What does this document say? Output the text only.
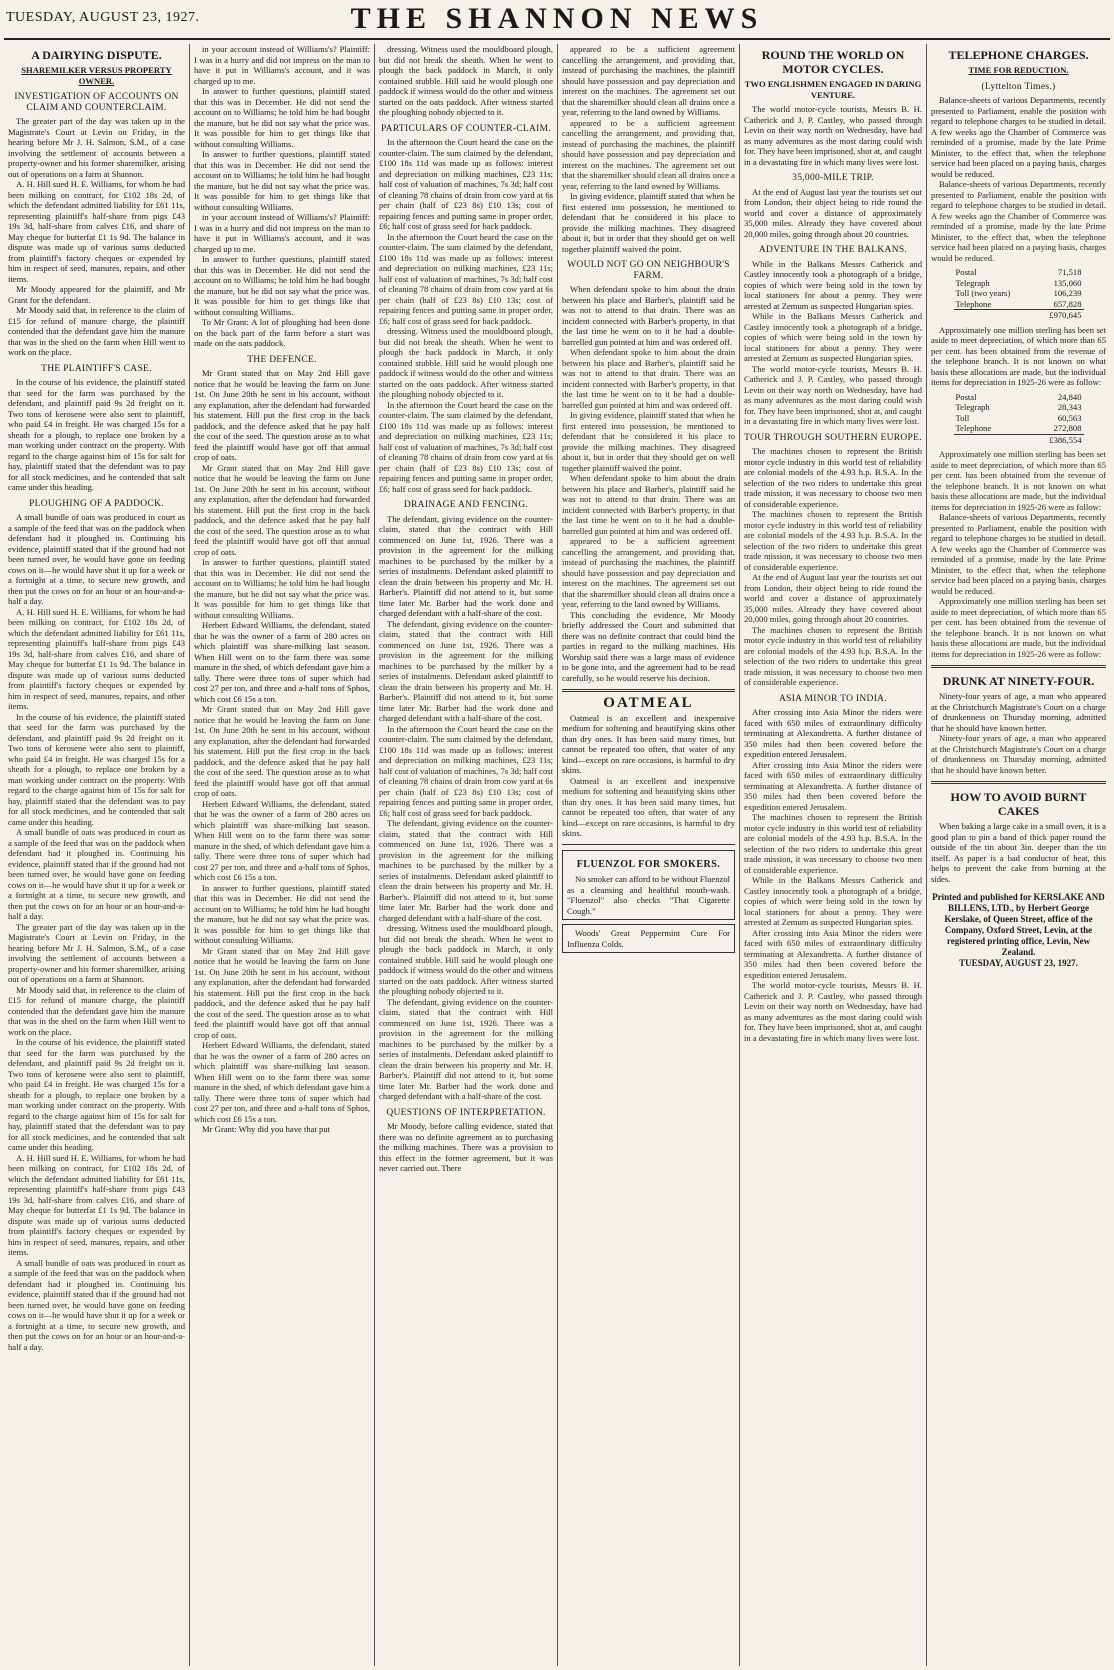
TUESDAY, AUGUST 23, 1927.	THE SHANNON NEWS
A DAIRYING DISPUTE.
SHAREMILKER VERSUS PROPERTY OWNER.
INVESTIGATION OF ACCOUNTS ON CLAIM AND COUNTERCLAIM.

The greater part of the day was taken up in the Magistrate's Court at Levin on Friday, in the hearing before Mr J. H. Salmon, S.M., of a case involving the settlement of accounts between a property-owner and his former sharemilker, arising out of operations on a farm at Shannon.

A. H. Hill sued H. E. Williams, for whom he had been milking on contract, for £102 18s 2d, of which the defendant admitted liability for £61 11s, representing plaintiff's half-share from pigs £43 19s 3d, half-share from calves £16, and share of May cheque for butterfat £1 1s 9d. The balance in dispute was made up of various sums deducted from plaintiff's factory cheques or expended by him in respect of seed, manures, repairs, and other items.

Mr Moody appeared for the plaintiff, and Mr Grant for the defendant.

Mr Moody said that, in reference to the claim of £15 for refund of manure charge, the plaintiff contended that the defendant gave him the manure that was in the shed on the farm when Hill went to work on the place.

THE PLAINTIFF'S CASE.

In the course of his evidence, the plaintiff stated that seed for the farm was purchased by the defendant, and plaintiff paid 9s 2d freight on it. Two tons of kerosene were also sent to plaintiff, who paid £4 in freight. He was charged 15s for a sheath for a plough, to replace one broken by a man working under contract on the property. With regard to the charge against him of 15s for salt for hay, plaintiff stated that the defendant was to pay for all stock medicines, and he contended that salt came under this heading.

PLOUGHING OF A PADDOCK.

A small bundle of oats was produced in court as a sample of the feed that was on the paddock when defendant had it ploughed in. Continuing his evidence, plaintiff stated that if the ground had not been turned over, he would have gone on feeding cows on it—he would have shut it up for a week or a fortnight at a time, to secure new growth, and then put the cows on for an hour or an hour-and-a-half a day.

A. H. Hill sued H. E. Williams, for whom he had been milking on contract, for £102 18s 2d, of which the defendant admitted liability for £61 11s, representing plaintiff's half-share from pigs £43 19s 3d, half-share from calves £16, and share of May cheque for butterfat £1 1s 9d. The balance in dispute was made up of various sums deducted from plaintiff's factory cheques or expended by him in respect of seed, manures, repairs, and other items.

In the course of his evidence, the plaintiff stated that seed for the farm was purchased by the defendant, and plaintiff paid 9s 2d freight on it. Two tons of kerosene were also sent to plaintiff, who paid £4 in freight. He was charged 15s for a sheath for a plough, to replace one broken by a man working under contract on the property. With regard to the charge against him of 15s for salt for hay, plaintiff stated that the defendant was to pay for all stock medicines, and he contended that salt came under this heading.

A small bundle of oats was produced in court as a sample of the feed that was on the paddock when defendant had it ploughed in. Continuing his evidence, plaintiff stated that if the ground had not been turned over, he would have gone on feeding cows on it—he would have shut it up for a week or a fortnight at a time, to secure new growth, and then put the cows on for an hour or an hour-and-a-half a day.

The greater part of the day was taken up in the Magistrate's Court at Levin on Friday, in the hearing before Mr J. H. Salmon, S.M., of a case involving the settlement of accounts between a property-owner and his former sharemilker, arising out of operations on a farm at Shannon.

Mr Moody said that, in reference to the claim of £15 for refund of manure charge, the plaintiff contended that the defendant gave him the manure that was in the shed on the farm when Hill went to work on the place.

In the course of his evidence, the plaintiff stated that seed for the farm was purchased by the defendant, and plaintiff paid 9s 2d freight on it. Two tons of kerosene were also sent to plaintiff, who paid £4 in freight. He was charged 15s for a sheath for a plough, to replace one broken by a man working under contract on the property. With regard to the charge against him of 15s for salt for hay, plaintiff stated that the defendant was to pay for all stock medicines, and he contended that salt came under this heading.

A. H. Hill sued H. E. Williams, for whom he had been milking on contract, for £102 18s 2d, of which the defendant admitted liability for £61 11s, representing plaintiff's half-share from pigs £43 19s 3d, half-share from calves £16, and share of May cheque for butterfat £1 1s 9d. The balance in dispute was made up of various sums deducted from plaintiff's factory cheques or expended by him in respect of seed, manures, repairs, and other items.

A small bundle of oats was produced in court as a sample of the feed that was on the paddock when defendant had it ploughed in. Continuing his evidence, plaintiff stated that if the ground had not been turned over, he would have gone on feeding cows on it—he would have shut it up for a week or a fortnight at a time, to secure new growth, and then put the cows on for an hour or an hour-and-a-half a day.

in your account instead of Williams's? Plaintiff: I was in a hurry and did not impress on the man to have it put in Williams's account, and it was charged up to me.

In answer to further questions, plaintiff stated that this was in December. He did not send the account on to Williams; he told him he had bought the manure, but he did not say what the price was. It was possible for him to get things like that without consulting Williams.

In answer to further questions, plaintiff stated that this was in December. He did not send the account on to Williams; he told him he had bought the manure, but he did not say what the price was. It was possible for him to get things like that without consulting Williams.

in your account instead of Williams's? Plaintiff: I was in a hurry and did not impress on the man to have it put in Williams's account, and it was charged up to me.

In answer to further questions, plaintiff stated that this was in December. He did not send the account on to Williams; he told him he had bought the manure, but he did not say what the price was. It was possible for him to get things like that without consulting Williams.

To Mr Grant: A lot of ploughing had been done on the back part of the farm before a start was made on the oats paddock.

THE DEFENCE.

Mr Grant stated that on May 2nd Hill gave notice that he would be leaving the farm on June 1st. On June 20th he sent in his account, without any explanation, after the defendant had forwarded his statement. Hill put the first crop in the back paddock, and the defence asked that he pay half the cost of the seed. The question arose as to what feed the plaintiff would have got off that annual crop of oats.

Mr Grant stated that on May 2nd Hill gave notice that he would be leaving the farm on June 1st. On June 20th he sent in his account, without any explanation, after the defendant had forwarded his statement. Hill put the first crop in the back paddock, and the defence asked that he pay half the cost of the seed. The question arose as to what feed the plaintiff would have got off that annual crop of oats.

In answer to further questions, plaintiff stated that this was in December. He did not send the account on to Williams; he told him he had bought the manure, but he did not say what the price was. It was possible for him to get things like that without consulting Williams.

Herbert Edward Williams, the defendant, stated that he was the owner of a farm of 280 acres on which plaintiff was share-milking last season. When Hill went on to the farm there was some manure in the shed, of which defendant gave him a tally. There were three tons of super which had cost 27 per ton, and three and a-half tons of Sphos, which cost £6 15s a ton.

Mr Grant stated that on May 2nd Hill gave notice that he would be leaving the farm on June 1st. On June 20th he sent in his account, without any explanation, after the defendant had forwarded his statement. Hill put the first crop in the back paddock, and the defence asked that he pay half the cost of the seed. The question arose as to what feed the plaintiff would have got off that annual crop of oats.

Herbert Edward Williams, the defendant, stated that he was the owner of a farm of 280 acres on which plaintiff was share-milking last season. When Hill went on to the farm there was some manure in the shed, of which defendant gave him a tally. There were three tons of super which had cost 27 per ton, and three and a-half tons of Sphos, which cost £6 15s a ton.

In answer to further questions, plaintiff stated that this was in December. He did not send the account on to Williams; he told him he had bought the manure, but he did not say what the price was. It was possible for him to get things like that without consulting Williams.

Mr Grant stated that on May 2nd Hill gave notice that he would be leaving the farm on June 1st. On June 20th he sent in his account, without any explanation, after the defendant had forwarded his statement. Hill put the first crop in the back paddock, and the defence asked that he pay half the cost of the seed. The question arose as to what feed the plaintiff would have got off that annual crop of oats.

Herbert Edward Williams, the defendant, stated that he was the owner of a farm of 280 acres on which plaintiff was share-milking last season. When Hill went on to the farm there was some manure in the shed, of which defendant gave him a tally. There were three tons of super which had cost 27 per ton, and three and a-half tons of Sphos, which cost £6 15s a ton.

Mr Grant: Why did you have that put

dressing. Witness used the mouldboard plough, but did not break the sheath. When he went to plough the back paddock in March, it only contained stubble. Hill said he would plough one paddock if witness would do the other and witness started on the oats paddock. After witness started the ploughing nobody objected to it.

PARTICULARS OF COUNTER-CLAIM.

In the afternoon the Court heard the case on the counter-claim. The sum claimed by the defendant, £100 18s 11d was made up as follows: interest and depreciation on milking machines, £23 11s; half cost of valuation of machines, 7s 3d; half cost of cleaning 78 chains of drain from cow yard at 6s per chain (half of £23 8s) £10 13s; cost of repairing fences and putting same in proper order, £6; half cost of grass seed for back paddock.

In the afternoon the Court heard the case on the counter-claim. The sum claimed by the defendant, £100 18s 11d was made up as follows: interest and depreciation on milking machines, £23 11s; half cost of valuation of machines, 7s 3d; half cost of cleaning 78 chains of drain from cow yard at 6s per chain (half of £23 8s) £10 13s; cost of repairing fences and putting same in proper order, £6; half cost of grass seed for back paddock.

dressing. Witness used the mouldboard plough, but did not break the sheath. When he went to plough the back paddock in March, it only contained stubble. Hill said he would plough one paddock if witness would do the other and witness started on the oats paddock. After witness started the ploughing nobody objected to it.

In the afternoon the Court heard the case on the counter-claim. The sum claimed by the defendant, £100 18s 11d was made up as follows: interest and depreciation on milking machines, £23 11s; half cost of valuation of machines, 7s 3d; half cost of cleaning 78 chains of drain from cow yard at 6s per chain (half of £23 8s) £10 13s; cost of repairing fences and putting same in proper order, £6; half cost of grass seed for back paddock.

DRAINAGE AND FENCING.

The defendant, giving evidence on the counter-claim, stated that the contract with Hill commenced on June 1st, 1926. There was a provision in the agreement for the milking machines to be purchased by the milker by a series of instalments. Defendant asked plaintiff to clean the drain between his property and Mr. H. Barber's. Plaintiff did not attend to it, but some time later Mr. Barber had the work done and charged defendant with a half-share of the cost.

The defendant, giving evidence on the counter-claim, stated that the contract with Hill commenced on June 1st, 1926. There was a provision in the agreement for the milking machines to be purchased by the milker by a series of instalments. Defendant asked plaintiff to clean the drain between his property and Mr. H. Barber's. Plaintiff did not attend to it, but some time later Mr. Barber had the work done and charged defendant with a half-share of the cost.

In the afternoon the Court heard the case on the counter-claim. The sum claimed by the defendant, £100 18s 11d was made up as follows: interest and depreciation on milking machines, £23 11s; half cost of valuation of machines, 7s 3d; half cost of cleaning 78 chains of drain from cow yard at 6s per chain (half of £23 8s) £10 13s; cost of repairing fences and putting same in proper order, £6; half cost of grass seed for back paddock.

The defendant, giving evidence on the counter-claim, stated that the contract with Hill commenced on June 1st, 1926. There was a provision in the agreement for the milking machines to be purchased by the milker by a series of instalments. Defendant asked plaintiff to clean the drain between his property and Mr. H. Barber's. Plaintiff did not attend to it, but some time later Mr. Barber had the work done and charged defendant with a half-share of the cost.

dressing. Witness used the mouldboard plough, but did not break the sheath. When he went to plough the back paddock in March, it only contained stubble. Hill said he would plough one paddock if witness would do the other and witness started on the oats paddock. After witness started the ploughing nobody objected to it.

The defendant, giving evidence on the counter-claim, stated that the contract with Hill commenced on June 1st, 1926. There was a provision in the agreement for the milking machines to be purchased by the milker by a series of instalments. Defendant asked plaintiff to clean the drain between his property and Mr. H. Barber's. Plaintiff did not attend to it, but some time later Mr. Barber had the work done and charged defendant with a half-share of the cost.

QUESTIONS OF INTERPRETATION.

Mr Moody, before calling evidence, stated that there was no definite agreement as to purchasing the milking machines. There was a provision to this effect in the former agreement, but it was never carried out. There

appeared to be a sufficient agreement cancelling the arrangement, and providing that, instead of purchasing the machines, the plaintiff should have possession and pay depreciation and interest on the machines. The agreement set out that the sharemilker should clean all drains once a year, referring to the land owned by Williams.

appeared to be a sufficient agreement cancelling the arrangement, and providing that, instead of purchasing the machines, the plaintiff should have possession and pay depreciation and interest on the machines. The agreement set out that the sharemilker should clean all drains once a year, referring to the land owned by Williams.

In giving evidence, plaintiff stated that when he first entered into possession, he mentioned to defendant that he considered it his place to provide the milking machines. They disagreed about it, but in order that they should get on well together plaintiff waived the point.

WOULD NOT GO ON NEIGHBOUR'S FARM.

When defendant spoke to him about the drain between his place and Barber's, plaintiff said he was not to attend to that drain. There was an incident connected with Barber's property, in that the last time he went on to it he had a double-barrelled gun pointed at him and was ordered off.

When defendant spoke to him about the drain between his place and Barber's, plaintiff said he was not to attend to that drain. There was an incident connected with Barber's property, in that the last time he went on to it he had a double-barrelled gun pointed at him and was ordered off.

In giving evidence, plaintiff stated that when he first entered into possession, he mentioned to defendant that he considered it his place to provide the milking machines. They disagreed about it, but in order that they should get on well together plaintiff waived the point.

When defendant spoke to him about the drain between his place and Barber's, plaintiff said he was not to attend to that drain. There was an incident connected with Barber's property, in that the last time he went on to it he had a double-barrelled gun pointed at him and was ordered off.

appeared to be a sufficient agreement cancelling the arrangement, and providing that, instead of purchasing the machines, the plaintiff should have possession and pay depreciation and interest on the machines. The agreement set out that the sharemilker should clean all drains once a year, referring to the land owned by Williams.

This concluding the evidence, Mr Moody briefly addressed the Court and submitted that there was no definite contract that could bind the parties in regard to the milking machines. His Worship said there was a large mass of evidence to be gone into, and the agreement had to be read carefully, so he would reserve his decision.

OATMEAL

Oatmeal is an excellent and inexpensive medium for softening and beautifying skins other than dry ones. It has been said many times, but cannot be repeated too often, that water of any kind—except on rare occasions, is harmful to dry skins.

Oatmeal is an excellent and inexpensive medium for softening and beautifying skins other than dry ones. It has been said many times, but cannot be repeated too often, that water of any kind—except on rare occasions, is harmful to dry skins.

FLUENZOL FOR SMOKERS.

No smoker can afford to be without Fluenzol as a cleansing and healthful mouth-wash. "Fluenzol" also checks "That Cigarette Cough."

Woods' Great Peppermint Cure For Influenza Colds.

ROUND THE WORLD ON MOTOR CYCLES.
TWO ENGLISHMEN ENGAGED IN DARING VENTURE.

The world motor-cycle tourists, Messrs B. H. Catherick and J. P. Castley, who passed through Levin on their way north on Wednesday, have had as many adventures as the most daring could wish for. They have been imprisoned, shot at, and caught in a devastating fire in which many lives were lost.

35,000-MILE TRIP.

At the end of August last year the tourists set out from London, their object being to ride round the world and cover a distance of approximately 35,000 miles. Already they have covered about 20,000 miles, going through about 20 countries.

ADVENTURE IN THE BALKANS.

While in the Balkans Messrs Catherick and Castley innocently took a photograph of a bridge, copies of which were being sold in the town by local stationers for about a penny. They were arrested at Zemum as suspected Hungarian spies.

While in the Balkans Messrs Catherick and Castley innocently took a photograph of a bridge, copies of which were being sold in the town by local stationers for about a penny. They were arrested at Zemum as suspected Hungarian spies.

The world motor-cycle tourists, Messrs B. H. Catherick and J. P. Castley, who passed through Levin on their way north on Wednesday, have had as many adventures as the most daring could wish for. They have been imprisoned, shot at, and caught in a devastating fire in which many lives were lost.

TOUR THROUGH SOUTHERN EUROPE.

The machines chosen to represent the British motor cycle industry in this world test of reliability are colonial models of the 4.93 h.p. B.S.A. In the selection of the two riders to undertake this great trade mission, it was necessary to choose two men of considerable experience.

The machines chosen to represent the British motor cycle industry in this world test of reliability are colonial models of the 4.93 h.p. B.S.A. In the selection of the two riders to undertake this great trade mission, it was necessary to choose two men of considerable experience.

At the end of August last year the tourists set out from London, their object being to ride round the world and cover a distance of approximately 35,000 miles. Already they have covered about 20,000 miles, going through about 20 countries.

The machines chosen to represent the British motor cycle industry in this world test of reliability are colonial models of the 4.93 h.p. B.S.A. In the selection of the two riders to undertake this great trade mission, it was necessary to choose two men of considerable experience.

ASIA MINOR TO INDIA.

After crossing into Asia Minor the riders were faced with 650 miles of extraordinary difficulty terminating at Alexandretta. A further distance of 350 miles had then been covered before the expedition entered Jerusalem.

After crossing into Asia Minor the riders were faced with 650 miles of extraordinary difficulty terminating at Alexandretta. A further distance of 350 miles had then been covered before the expedition entered Jerusalem.

The machines chosen to represent the British motor cycle industry in this world test of reliability are colonial models of the 4.93 h.p. B.S.A. In the selection of the two riders to undertake this great trade mission, it was necessary to choose two men of considerable experience.

While in the Balkans Messrs Catherick and Castley innocently took a photograph of a bridge, copies of which were being sold in the town by local stationers for about a penny. They were arrested at Zemum as suspected Hungarian spies.

After crossing into Asia Minor the riders were faced with 650 miles of extraordinary difficulty terminating at Alexandretta. A further distance of 350 miles had then been covered before the expedition entered Jerusalem.

The world motor-cycle tourists, Messrs B. H. Catherick and J. P. Castley, who passed through Levin on their way north on Wednesday, have had as many adventures as the most daring could wish for. They have been imprisoned, shot at, and caught in a devastating fire in which many lives were lost.

TELEPHONE CHARGES.
TIME FOR REDUCTION.
(Lyttelton Times.)

Balance-sheets of various Departments, recently presented to Parliament, enable the position with regard to telephone charges to be studied in detail. A few weeks ago the Chamber of Commerce was reminded of a promise, made by the late Prime Minister, to the effect that, when the telephone service had been placed on a paying basis, charges would be reduced.

Balance-sheets of various Departments, recently presented to Parliament, enable the position with regard to telephone charges to be studied in detail. A few weeks ago the Chamber of Commerce was reminded of a promise, made by the late Prime Minister, to the effect that, when the telephone service had been placed on a paying basis, charges would be reduced.

Postal	71,518
Telegraph	135,060
Toll (two years)	106,239
Telephone	657,828
	£970,645

Approximately one million sterling has been set aside to meet depreciation, of which more than 65 per cent. has been obtained from the revenue of the telephone branch. It is not known on what basis these allocations are made, but the individual items for depreciation in 1925-26 were as follow:

Postal	24,840
Telegraph	28,343
Toll	60,563
Telephone	272,808
	£386,554

Approximately one million sterling has been set aside to meet depreciation, of which more than 65 per cent. has been obtained from the revenue of the telephone branch. It is not known on what basis these allocations are made, but the individual items for depreciation in 1925-26 were as follow:

Balance-sheets of various Departments, recently presented to Parliament, enable the position with regard to telephone charges to be studied in detail. A few weeks ago the Chamber of Commerce was reminded of a promise, made by the late Prime Minister, to the effect that, when the telephone service had been placed on a paying basis, charges would be reduced.

Approximately one million sterling has been set aside to meet depreciation, of which more than 65 per cent. has been obtained from the revenue of the telephone branch. It is not known on what basis these allocations are made, but the individual items for depreciation in 1925-26 were as follow:

DRUNK AT NINETY-FOUR.

Ninety-four years of age, a man who appeared at the Christchurch Magistrate's Court on a charge of drunkenness on Thursday morning, admitted that he should have known better.

Ninety-four years of age, a man who appeared at the Christchurch Magistrate's Court on a charge of drunkenness on Thursday morning, admitted that he should have known better.

HOW TO AVOID BURNT CAKES

When baking a large cake in a small oven, it is a good plan to pin a band of thick paper round the outside of the tin about 3in. deeper than the tin itself. As paper is a bad conductor of heat, this helps to prevent the cake from burning at the sides.

Printed and published for KERSLAKE AND BILLENS, LTD., by Herbert George Kerslake, of Queen Street, office of the Company, Oxford Street, Levin, at the registered printing office, Levin, New Zealand.
TUESDAY, AUGUST 23, 1927.
